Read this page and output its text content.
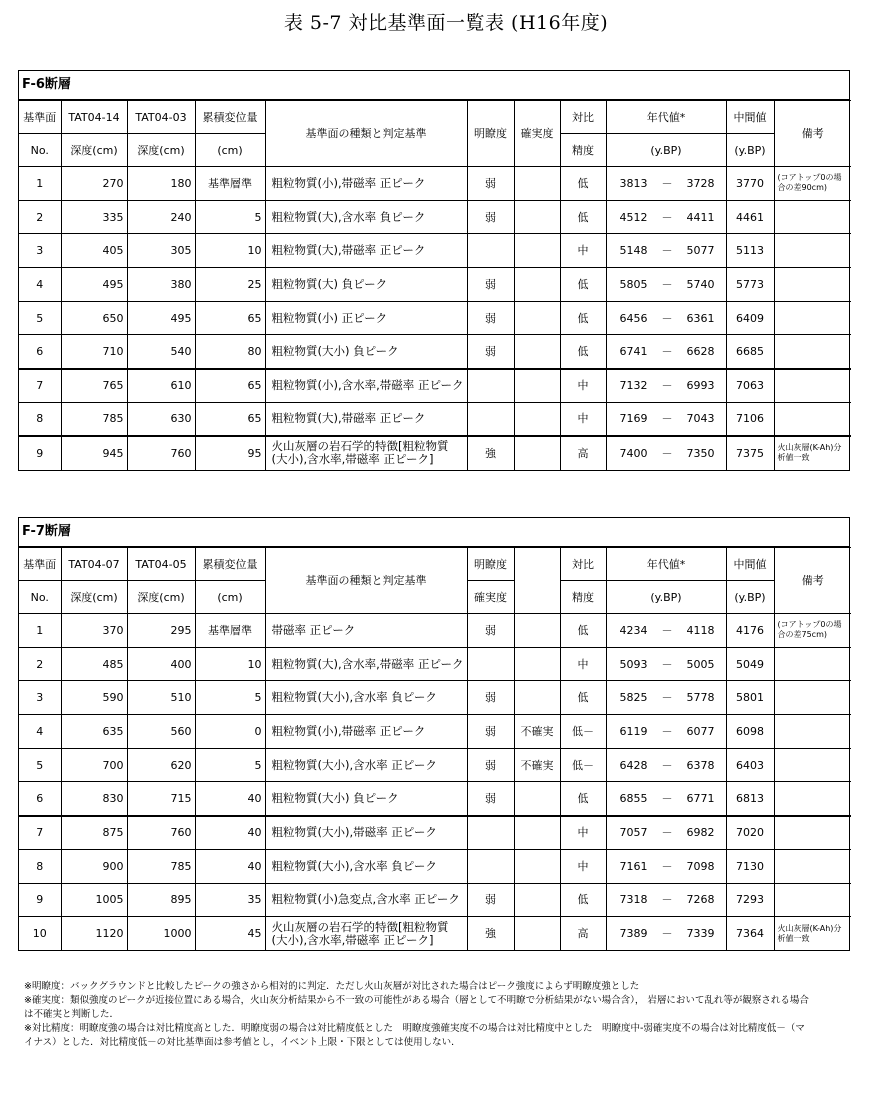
表 5-7 対比基準面一覧表 (H16年度)
F-6断層
基準面	TAT04-14	TAT04-03	累積変位量	基準面の種類と判定基準	明瞭度	確実度	対比	年代値*	中間値	備考
No.	深度(cm)	深度(cm)	(cm)				精度	(y.BP)	(y.BP)	
1	270	180	基準層準	粗粒物質(小),帯磁率 正ピーク	弱		低	3813 － 3728	3770	(コアトップ0の場合の差90cm)
2	335	240	5	粗粒物質(大),含水率 負ピーク	弱		低	4512 － 4411	4461	
3	405	305	10	粗粒物質(大),帯磁率 正ピーク			中	5148 － 5077	5113	
4	495	380	25	粗粒物質(大) 負ピーク	弱		低	5805 － 5740	5773	
5	650	495	65	粗粒物質(小) 正ピーク	弱		低	6456 － 6361	6409	
6	710	540	80	粗粒物質(大小) 負ピーク	弱		低	6741 － 6628	6685	
7	765	610	65	粗粒物質(小),含水率,帯磁率 正ピーク			中	7132 － 6993	7063	
8	785	630	65	粗粒物質(大),帯磁率 正ピーク			中	7169 － 7043	7106	
9	945	760	95	火山灰層の岩石学的特徴[粗粒物質(大小),含水率,帯磁率 正ピーク]	強		高	7400 － 7350	7375	火山灰層(K-Ah)分析値一致
F-7断層
基準面	TAT04-07	TAT04-05	累積変位量	基準面の種類と判定基準	明瞭度		対比	年代値*	中間値	備考
No.	深度(cm)	深度(cm)	(cm)		確実度		精度	(y.BP)	(y.BP)	
1	370	295	基準層準	帯磁率 正ピーク	弱		低	4234 － 4118	4176	(コアトップ0の場合の差75cm)
2	485	400	10	粗粒物質(大),含水率,帯磁率 正ピーク			中	5093 － 5005	5049	
3	590	510	5	粗粒物質(大小),含水率 負ピーク	弱		低	5825 － 5778	5801	
4	635	560	0	粗粒物質(小),帯磁率 正ピーク	弱	不確実	低－	6119 － 6077	6098	
5	700	620	5	粗粒物質(大小),含水率 正ピーク	弱	不確実	低－	6428 － 6378	6403	
6	830	715	40	粗粒物質(大小) 負ピーク	弱		低	6855 － 6771	6813	
7	875	760	40	粗粒物質(大小),帯磁率 正ピーク			中	7057 － 6982	7020	
8	900	785	40	粗粒物質(大小),含水率 負ピーク			中	7161 － 7098	7130	
9	1005	895	35	粗粒物質(小)急変点,含水率 正ピーク	弱		低	7318 － 7268	7293	
10	1120	1000	45	火山灰層の岩石学的特徴[粗粒物質(大小),含水率,帯磁率 正ピーク]	強		高	7389 － 7339	7364	火山灰層(K-Ah)分析値一致
※明瞭度：バックグラウンドと比較したピークの強さから相対的に判定．ただし火山灰層が対比された場合はピーク強度によらず明瞭度強とした
※確実度：類似強度のピークが近接位置にある場合，火山灰分析結果から不一致の可能性がある場合（層として不明瞭で分析結果がない場合含）， 岩層において乱れ等が観察される場合
は不確実と判断した．
※対比精度：明瞭度強の場合は対比精度高とした．明瞭度弱の場合は対比精度低とした　明瞭度強確実度不の場合は対比精度中とした　明瞭度中-弱確実度不の場合は対比精度低－（マ
イナス）とした．対比精度低－の対比基準面は参考値とし，イベント上限・下限としては使用しない．
